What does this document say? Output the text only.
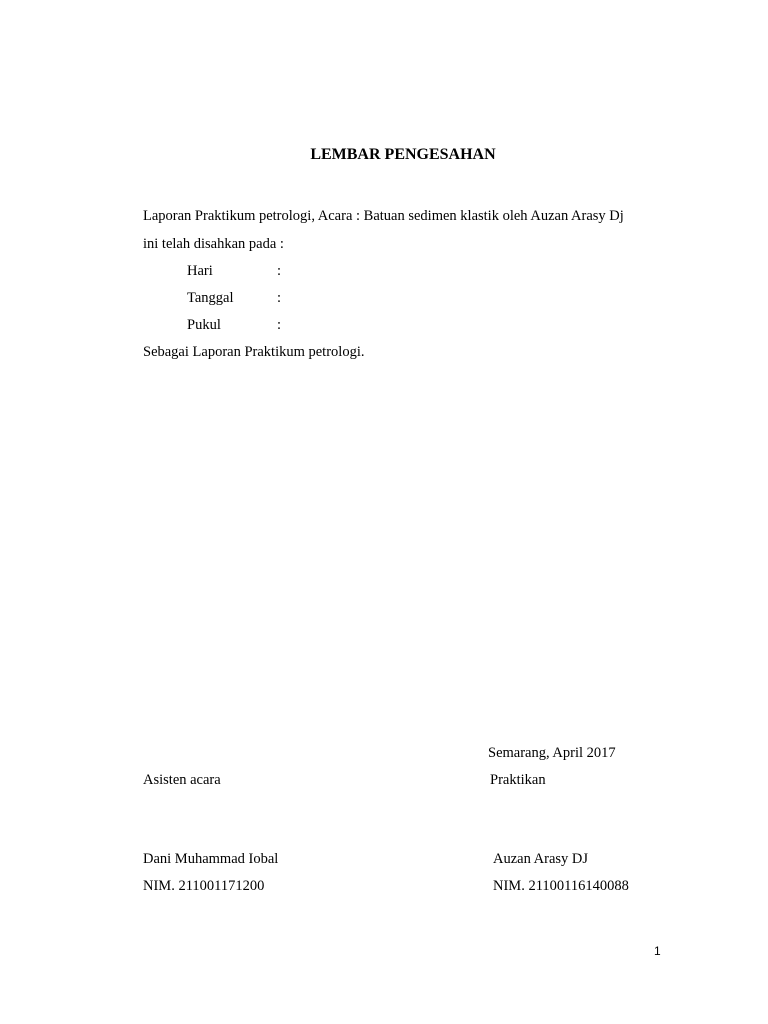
LEMBAR PENGESAHAN
Laporan Praktikum petrologi, Acara : Batuan sedimen klastik oleh Auzan Arasy Dj
ini telah disahkan pada :
Hari	:
Tanggal	:
Pukul	:
Sebagai Laporan Praktikum petrologi.
Semarang, April 2017
Asisten acara	Praktikan
Dani Muhammad Iobal	Auzan Arasy DJ
NIM. 211001171200	NIM. 21100116140088
1
